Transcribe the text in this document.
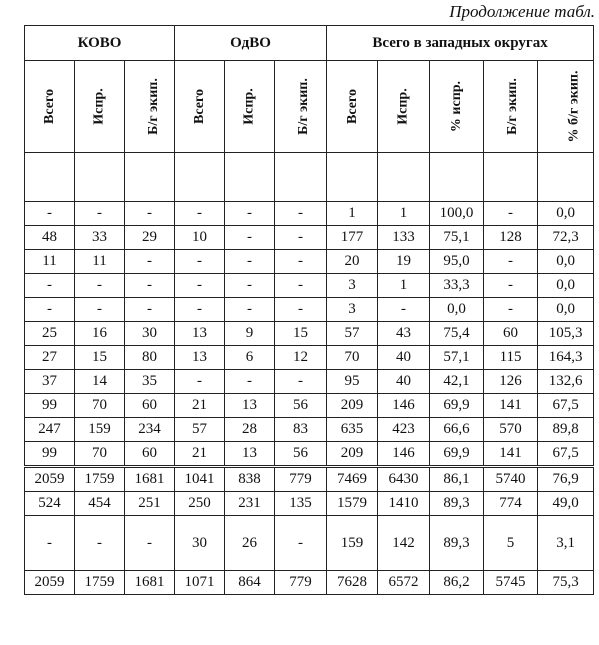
Продолжение табл.
КОВО			ОдВО			Всего в западных округах				
Всего	Испр.	Б/г экип.	Всего	Испр.	Б/г экип.	Всего	Испр.	% испр.	Б/г экип.	% б/г экип.

-	-	-	-	-	-	1	1	100,0	-	0,0
48	33	29	10	-	-	177	133	75,1	128	72,3
11	11	-	-	-	-	20	19	95,0	-	0,0
-	-	-	-	-	-	3	1	33,3	-	0,0
-	-	-	-	-	-	3	-	0,0	-	0,0
25	16	30	13	9	15	57	43	75,4	60	105,3
27	15	80	13	6	12	70	40	57,1	115	164,3
37	14	35	-	-	-	95	40	42,1	126	132,6
99	70	60	21	13	56	209	146	69,9	141	67,5
247	159	234	57	28	83	635	423	66,6	570	89,8
99	70	60	21	13	56	209	146	69,9	141	67,5
2059	1759	1681	1041	838	779	7469	6430	86,1	5740	76,9
524	454	251	250	231	135	1579	1410	89,3	774	49,0
-	-	-	30	26	-	159	142	89,3	5	3,1
2059	1759	1681	1071	864	779	7628	6572	86,2	5745	75,3
